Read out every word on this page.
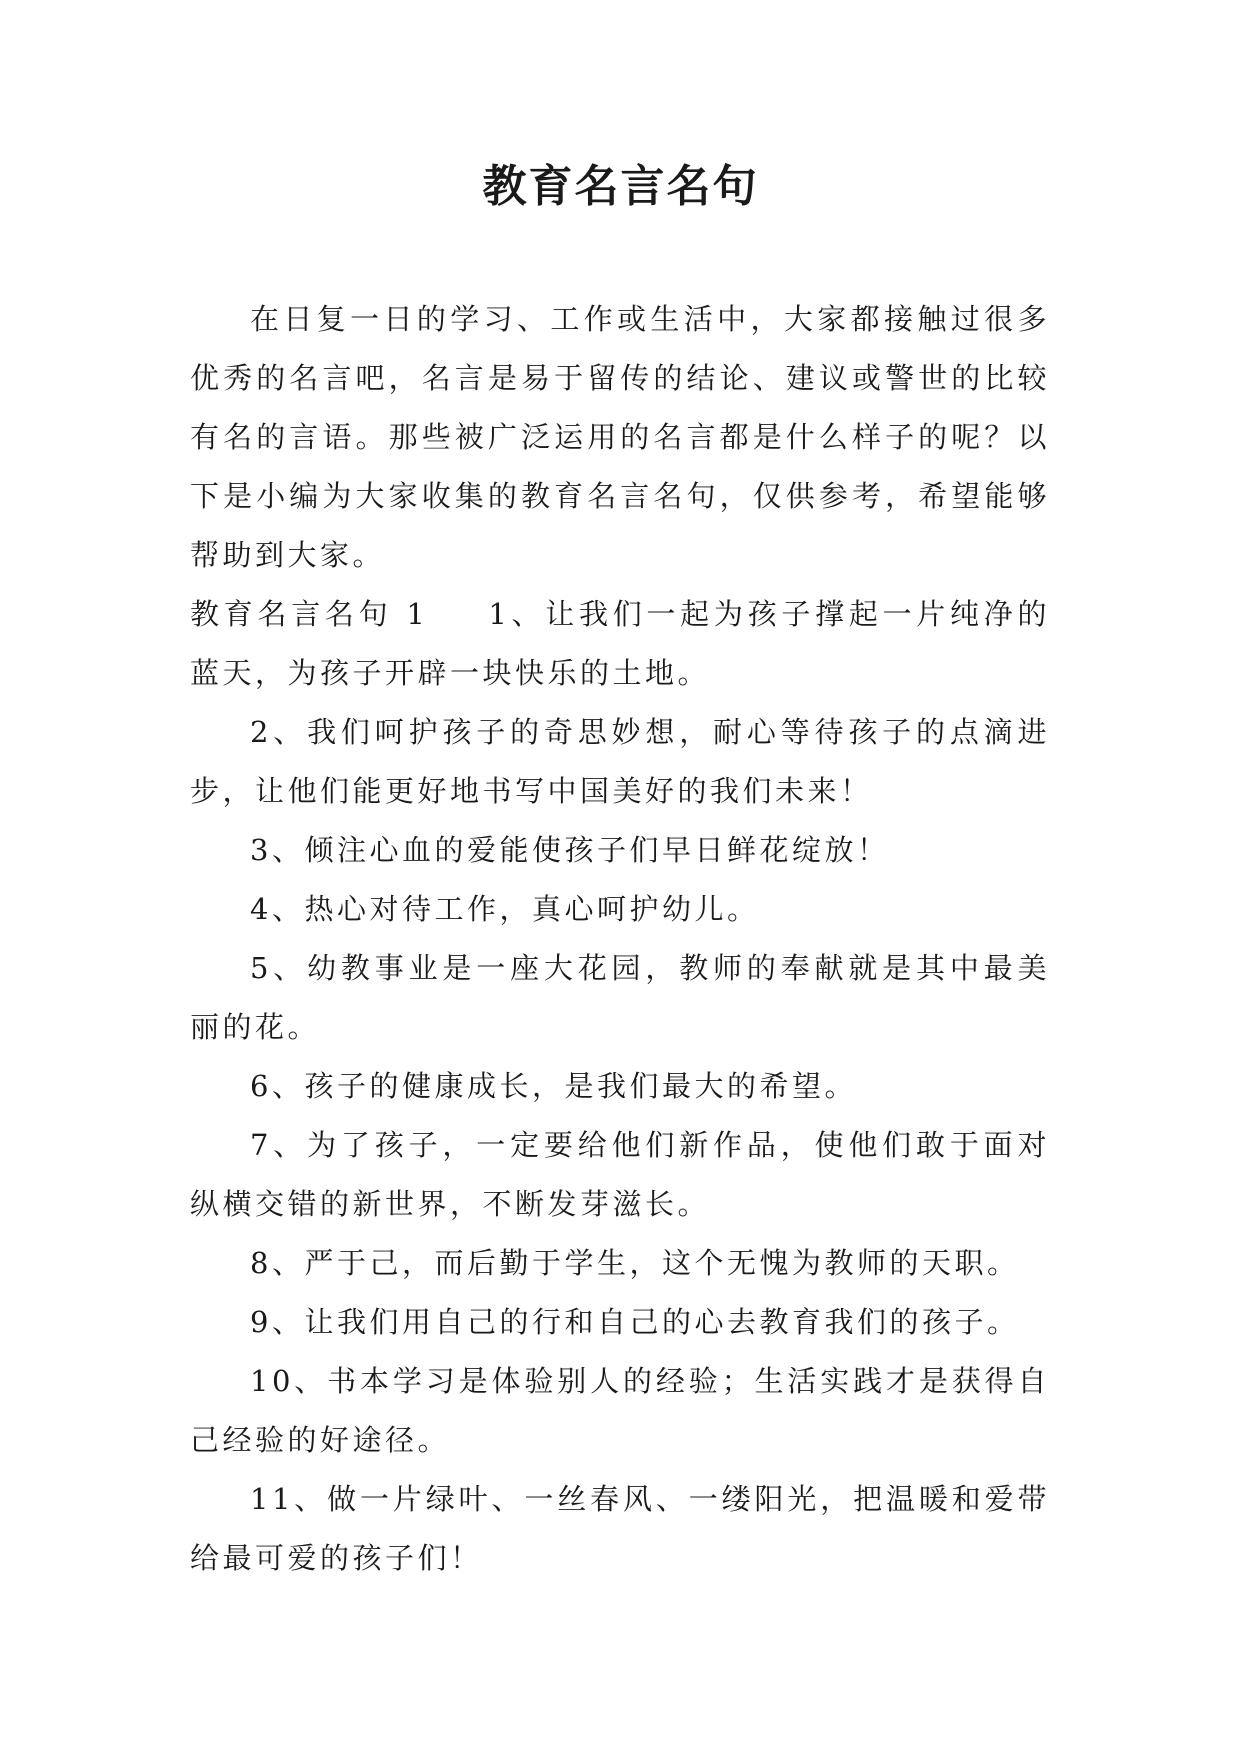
教育名言名句

在日复一日的学习、工作或生活中，大家都接触过很多优秀的名言吧，名言是易于留传的结论、建议或警世的比较有名的言语。那些被广泛运用的名言都是什么样子的呢？以下是小编为大家收集的教育名言名句，仅供参考，希望能够帮助到大家。

教育名言名句 1 1、让我们一起为孩子撑起一片纯净的蓝天，为孩子开辟一块快乐的土地。

2、我们呵护孩子的奇思妙想，耐心等待孩子的点滴进步，让他们能更好地书写中国美好的我们未来！

3、倾注心血的爱能使孩子们早日鲜花绽放！

4、热心对待工作，真心呵护幼儿。

5、幼教事业是一座大花园，教师的奉献就是其中最美丽的花。

6、孩子的健康成长，是我们最大的希望。

7、为了孩子，一定要给他们新作品，使他们敢于面对纵横交错的新世界，不断发芽滋长。

8、严于己，而后勤于学生，这个无愧为教师的天职。

9、让我们用自己的行和自己的心去教育我们的孩子。

10、书本学习是体验别人的经验；生活实践才是获得自己经验的好途径。

11、做一片绿叶、一丝春风、一缕阳光，把温暖和爱带给最可爱的孩子们！
